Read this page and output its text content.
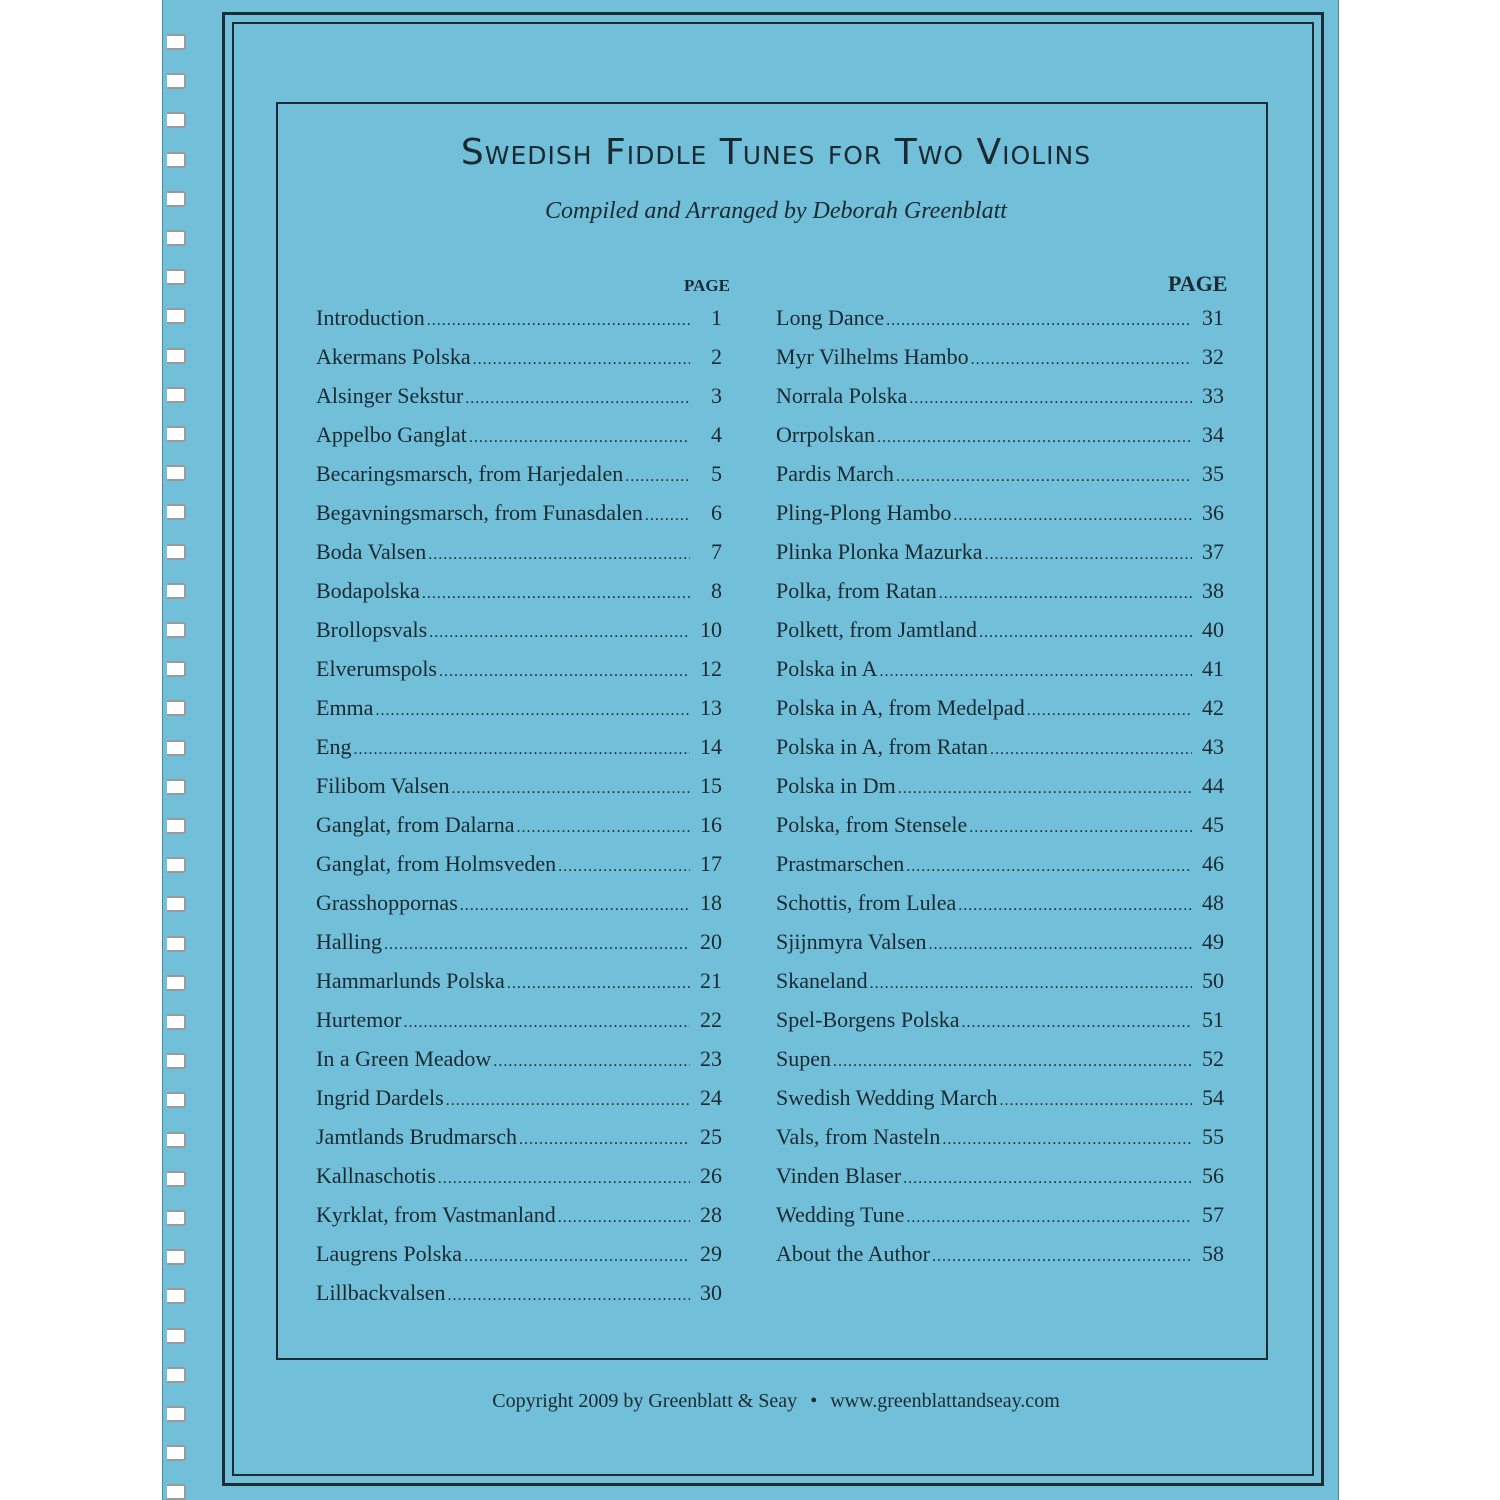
Swedish Fiddle Tunes for Two Violins
Compiled and Arranged by Deborah Greenblatt
PAGE	PAGE
Introduction .....	1
Akermans Polska .....	2
Alsinger Sekstur .....	3
Appelbo Ganglat .....	4
Becaringsmarsch, from Harjedalen .....	5
Begavningsmarsch, from Funasdalen .....	6
Boda Valsen .....	7
Bodapolska .....	8
Brollopsvals .....	10
Elverumspols .....	12
Emma .....	13
Eng .....	14
Filibom Valsen .....	15
Ganglat, from Dalarna .....	16
Ganglat, from Holmsveden .....	17
Grasshoppornas .....	18
Halling .....	20
Hammarlunds Polska .....	21
Hurtemor .....	22
In a Green Meadow .....	23
Ingrid Dardels .....	24
Jamtlands Brudmarsch .....	25
Kallnaschotis .....	26
Kyrklat, from Vastmanland .....	28
Laugrens Polska .....	29
Lillbackvalsen .....	30
Long Dance .....	31
Myr Vilhelms Hambo .....	32
Norrala Polska .....	33
Orrpolskan .....	34
Pardis March .....	35
Pling-Plong Hambo .....	36
Plinka Plonka Mazurka .....	37
Polka, from Ratan .....	38
Polkett, from Jamtland .....	40
Polska in A .....	41
Polska in A, from Medelpad .....	42
Polska in A, from Ratan .....	43
Polska in Dm .....	44
Polska, from Stensele .....	45
Prastmarschen .....	46
Schottis, from Lulea .....	48
Sjijnmyra Valsen .....	49
Skaneland .....	50
Spel-Borgens Polska .....	51
Supen .....	52
Swedish Wedding March .....	54
Vals, from Nasteln .....	55
Vinden Blaser .....	56
Wedding Tune .....	57
About the Author .....	58
Copyright 2009 by Greenblatt & Seay • www.greenblattandseay.com
